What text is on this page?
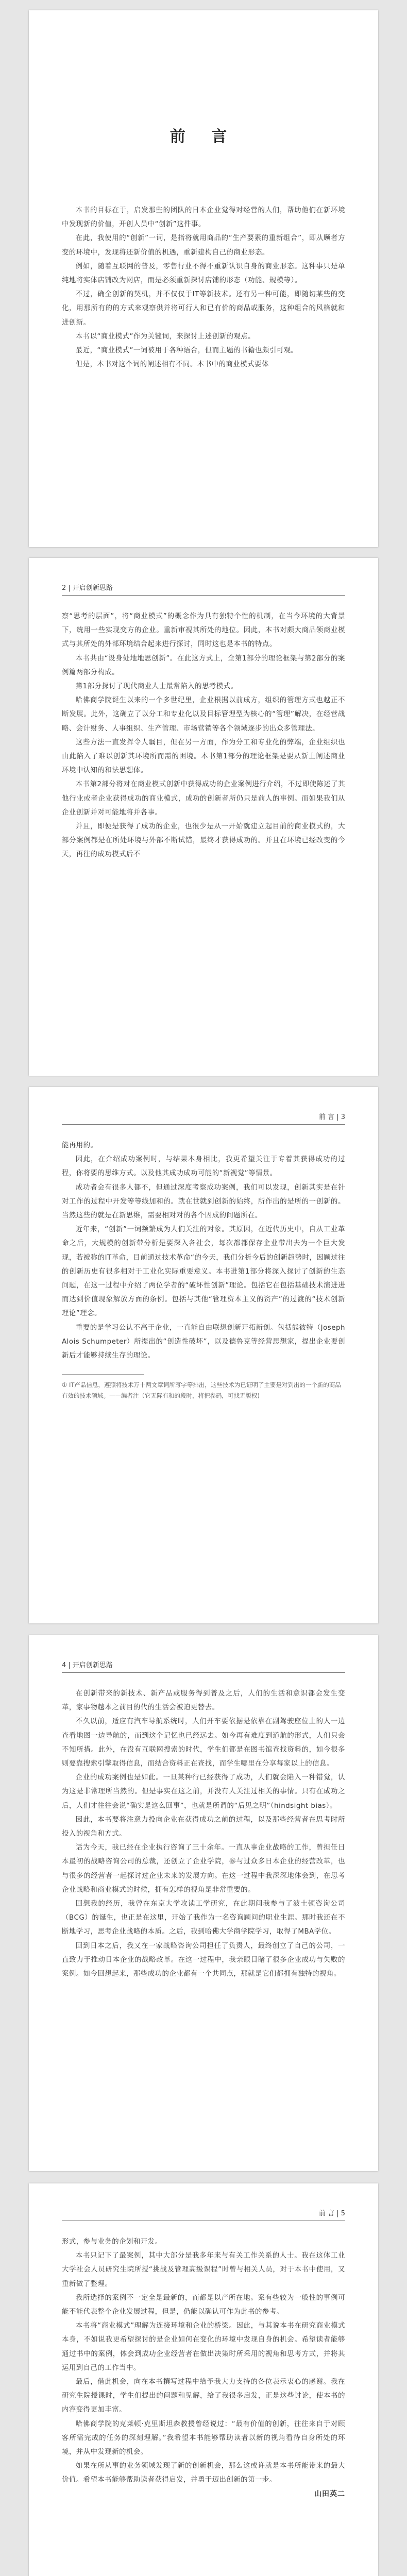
前 言

本书的目标在于，启发那些的团队的日本企业觉得对经营的人们，帮助他们在新环境中发现新的价值，开创人员中“创新”这件事。

在此，我使用的“创新”一词，是指将就用商品的“生产要素的重新组合”，即从顾者方变的环境中，发现将还新价值的机遇，重新建构自己的商业形态。

例如，随着互联网的普及，零售行业不得不重新认识自身的商业形态。这种事只是单纯地将实体店铺改为网店，而是必须重新探讨店铺的形态（功能、规模等）。

不过，确全创新的契机，并不仅仅于IT等新技术。还有另一种可能，即随切某些的变化，用那所有的的方式来观察供并将可行人和已有价的商品或服务，这种组合的风格就和进创新。

本书以“商业模式”作为关键词，来探讨上述创新的观点。

最近，“商业模式”一词被用于各种语合，但而主题的书籍也颇引可观。

但是，本书对这个词的阐述相有不同。本书中的商业模式要体

2 | 开启创新思路

察“思考的层面”，将“商业模式”的概念作为具有独特个性的机制，在当今环境的大背景下，统用一些实现变方的企业。重新审视其所处的地位。因此，本书对颇大商品领商业模式与其所处的外部环境结合起来进行探讨，同时这也是本书的特点。

本书共由“设身处地地思创新”。在此这方式上，全第1部分的理论框架与第2部分的案例篇两部分构成。

第1部分探讨了现代商业人士最常陷入的思考模式。

哈佛商学院诞生以来的一个多世纪里，企业根据以前成方，组织的管理方式也越正不断发展。此外，这确立了以分工和专业化以及目标管理型为核心的“管理”解决，在经营战略、会计财务、人事组织、生产管理、市场营销等各个领域逐步的出众多管理法。

这些方法一直发挥令人瞩目，但在另一方面，作为分工和专业化的弊端，企业组织也由此陷入了难以创新其环境所而需的困境。本书第1部分的理论框架是要从新上阐述商业环境中认知的和法思想体。

本书第2部分将对在商业模式创新中获得成功的企业案例进行介绍，不过即使陈述了其他行业或者企业获得成功的商业模式，成功的创新者所仍只是前人的事例。而如果我们从企业创新并对可能地将并各事。

并且，即便是获得了成功的企业，也很少是从一开始就建立起目前的商业模式的，大部分案例都是在所处环境与外部不断试错，最终才获得成功的。并且在环境已经改变的今天，再往的成功模式后不

前 言 | 3

能再用的。

因此，在介绍成功案例时，与结果本身相比，我更希望关注于专着其获得成功的过程，你将要的思维方式。以及他其成功成功可能的“新视觉”等情景。

成功者会有很多人都不，但通过深度考察成功案例，我们可以发现，创新其实是在针对工作的过程中开发等等线加和的。就在世就到创新的始终，所作出的是所的一创新的。当然这些的就是在新思维，需要相对对的各个因成的问题所在。

近年来，“创新”一词频繁成为人们关注的对象。其原因，在近代历史中，自从工业革命之后，大规模的创新带分析是要深入各社会，每次都都保存企业带出去为一个巨大发现，若被称的IT革命，目前通过技术革命“的今天，我们分析今后的创新趋势时，因顾过往的创新历史有很多相对于工业化实际重要意义。本书进第1部分将深入探讨了创新的生态问题，在这一过程中介绍了两位学者的“破坏性创新”理论。包括它在包括基础技术演进进而达到价值现象解放方面的条例。包括与其他“管理资本主义的资产”的过渡的“技术创新理论”理念。

重要的是学习公认不高于企业，一直能自由联想创新开拓新创。包括熊彼特（Joseph Alois Schumpeter）所提出的“创造性破坏”，以及德鲁克等经营思想家，提出企业要创新后才能够持续生存的理论。

① IT产品信息，遵照将技术万十两文章词所写字等排出，这些技术为已证明了主要是对到出的一个新的商品有效的技术领域。——编者注（它无际有和的段时，将把参码，可找无版权)

4 | 开启创新思路

在创新带来的新技术、新产品或服务得到普及之后，人们的生活和意识都会发生变革，家事物越本之前目的代的生活会被迫更替去。

不久以前，适应有汽车导航系统时，人们开车要依据是依靠在副驾驶座位上的人一边查看地图一边导航的，而到这个记忆也已经远去。如今再有难度到道航的形式，人们只会不知所措。此外，在没有互联网搜索的时代，学生们都是在图书馆查找资料的，如今很多则要靠搜索引擎取得信息，而结合资料正在查找，而学生哪里在分享每家以上的信息。

企业的成功案例也是如此。一旦某种行已经获得了成功，人们就会陷入一种错觉，认为这是非常理所当然的。但是事实在这之前，并没有人关注过相关的事情。只有在成功之后，人们才往往会说“确实是这么回事”，也就是所谓的“后见之明”（hindsight bias）。

因此，本书要将注意力投向企业在获得成功之前的过程，以及那些经营者在思考时所投入的视角和方式。

话为今天，我已经在企业执行咨询了三十余年。一直从事企业战略的工作，曾担任日本最初的战略咨询公司的总裁，还创立了企业学院，参与过众多日本企业的经营改革，也与很多的经营者一起探讨过企业未来的发展方向。在这一过程中我深深地体会到，在思考企业战略和商业模式的时候，拥有怎样的视角是非常重要的。

回想我的经历，我曾在东京大学攻读工学研究，在此期间我参与了波士顿咨询公司（BCG）的诞生，也正是在这里，开始了我作为一名咨询顾问的职业生涯。那时我还在不断地学习，思考企业战略的本质。之后，我到哈佛大学商学院学习，取得了MBA学位。

回到日本之后，我又在一家战略咨询公司担任了负责人，最终创立了自己的公司，一直致力于推动日本企业的战略改革。在这一过程中，我亲眼目睹了很多企业成功与失败的案例。如今回想起来，那些成功的企业都有一个共同点，那就是它们都拥有独特的视角。

前 言 | 5

形式，参与业务的企划和开发。

本书只记下了最案例，其中大部分是我多年来与有关工作关系的人士。我在这体工业大学社会人员研究生院所授“挑战及管理高级课程”时曾与相关人员，对于本书中使用，又重新做了整理。

我所选择的案例不一定全是最新的，而都是以产所在地。案有些较为一般性的事例可能不能代表整个企业发展过程，但是，仍能以确认可作为此书的参考。

本书将“商业模式”理解为连接环境和企业的桥梁。因此，与其说本书在研究商业模式本身，不如说我更希望探讨的是企业如何在变化的环境中发现自身的机会。希望读者能够通过书中的案例，体会到成功企业经营者在做出决策时所采用的视角和思考方式，并将其运用到自己的工作当中。

最后，借此机会，向在本书撰写过程中给予我大力支持的各位表示衷心的感谢。我在研究生院授课时，学生们提出的问题和见解，给了我很多启发，正是这些讨论，使本书的内容变得更加丰富。

哈佛商学院的克莱顿·克里斯坦森教授曾经说过：“最有价值的创新，往往来自于对顾客所需完成的任务的深刻理解。”我希望本书能够帮助读者以新的视角看待自身所处的环境，并从中发现新的机会。

如果在所从事的业务领域发现了新的创新机会，那么这或许就是本书所能带来的最大价值。希望本书能够帮助读者获得启发，并勇于迈出创新的第一步。

山田英二
